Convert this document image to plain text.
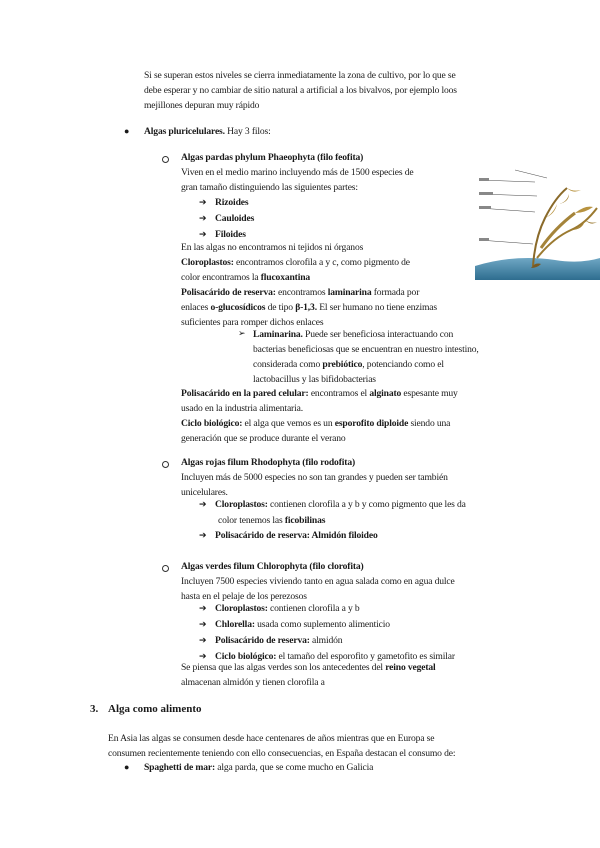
Si se superan estos niveles se cierra inmediatamente la zona de cultivo, por lo que se

debe esperar y no cambiar de sitio natural a artificial a los bivalvos, por ejemplo loos

mejillones depuran muy rápido

● Algas pluricelulares. Hay 3 filos:

Algas pardas phylum Phaeophyta (filo feofita)

Viven en el medio marino incluyendo más de 1500 especies de

gran tamaño distinguiendo las siguientes partes:

➔ Rizoides

➔ Cauloides

➔ Filoides

En las algas no encontramos ni tejidos ni órganos

Cloroplastos: encontramos clorofila a y c, como pigmento de

color encontramos la flucoxantina

Polisacárido de reserva: encontramos laminarina formada por

enlaces o-glucosídicos de tipo β-1,3. El ser humano no tiene enzimas

suficientes para romper dichos enlaces

➢ Laminarina. Puede ser beneficiosa interactuando con

bacterias beneficiosas que se encuentran en nuestro intestino,

considerada como prebiótico, potenciando como el

lactobacillus y las bifidobacterias

Polisacárido en la pared celular: encontramos el alginato espesante muy

usado en la industria alimentaria.

Ciclo biológico: el alga que vemos es un esporofito diploide siendo una

generación que se produce durante el verano

Algas rojas filum Rhodophyta (filo rodofita)

Incluyen más de 5000 especies no son tan grandes y pueden ser también

unicelulares.

➔ Cloroplastos: contienen clorofila a y b y como pigmento que les da

color tenemos las ficobilinas

➔ Polisacárido de reserva: Almidón filoideo

Algas verdes filum Chlorophyta (filo clorofita)

Incluyen 7500 especies viviendo tanto en agua salada como en agua dulce

hasta en el pelaje de los perezosos

➔ Cloroplastos: contienen clorofila a y b

➔ Chlorella: usada como suplemento alimenticio

➔ Polisacárido de reserva: almidón

➔ Ciclo biológico: el tamaño del esporofito y gametofito es similar

Se piensa que las algas verdes son los antecedentes del reino vegetal

almacenan almidón y tienen clorofila a

3. Alga como alimento

En Asia las algas se consumen desde hace centenares de años mientras que en Europa se

consumen recientemente teniendo con ello consecuencias, en España destacan el consumo de:

● Spaghetti de mar: alga parda, que se come mucho en Galicia
